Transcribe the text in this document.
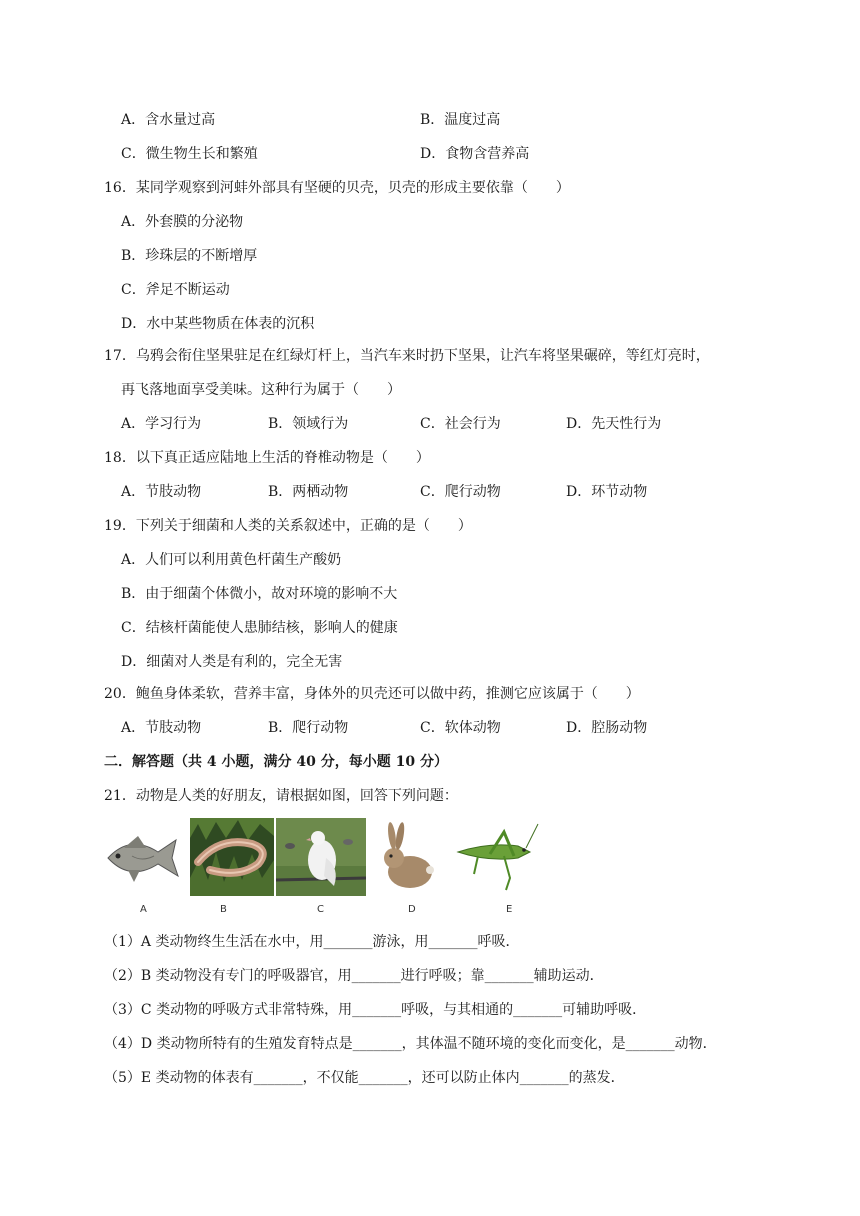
A．含水量过高	B．温度过高
C．微生物生长和繁殖	D．食物含营养高
16．某同学观察到河蚌外部具有坚硬的贝壳，贝壳的形成主要依靠（　　）
A．外套膜的分泌物
B．珍珠层的不断增厚
C．斧足不断运动
D．水中某些物质在体表的沉积
17．乌鸦会衔住坚果驻足在红绿灯杆上，当汽车来时扔下坚果，让汽车将坚果碾碎，等红灯亮时，
再飞落地面享受美味。这种行为属于（　　）
A．学习行为	B．领域行为	C．社会行为	D．先天性行为
18．以下真正适应陆地上生活的脊椎动物是（　　）
A．节肢动物	B．两栖动物	C．爬行动物	D．环节动物
19．下列关于细菌和人类的关系叙述中，正确的是（　　）
A．人们可以利用黄色杆菌生产酸奶
B．由于细菌个体微小，故对环境的影响不大
C．结核杆菌能使人患肺结核，影响人的健康
D．细菌对人类是有利的，完全无害
20．鲍鱼身体柔软，营养丰富，身体外的贝壳还可以做中药，推测它应该属于（　　）
A．节肢动物	B．爬行动物	C．软体动物	D．腔肠动物
二．解答题（共 4 小题，满分 40 分，每小题 10 分）
21．动物是人类的好朋友，请根据如图，回答下列问题：
A	B	C	D	E
（1）A 类动物终生生活在水中，用_______游泳，用_______呼吸．
（2）B 类动物没有专门的呼吸器官，用_______进行呼吸；靠_______辅助运动．
（3）C 类动物的呼吸方式非常特殊，用_______呼吸，与其相通的_______可辅助呼吸．
（4）D 类动物所特有的生殖发育特点是_______，其体温不随环境的变化而变化，是_______动物．
（5）E 类动物的体表有_______，不仅能_______，还可以防止体内_______的蒸发．
